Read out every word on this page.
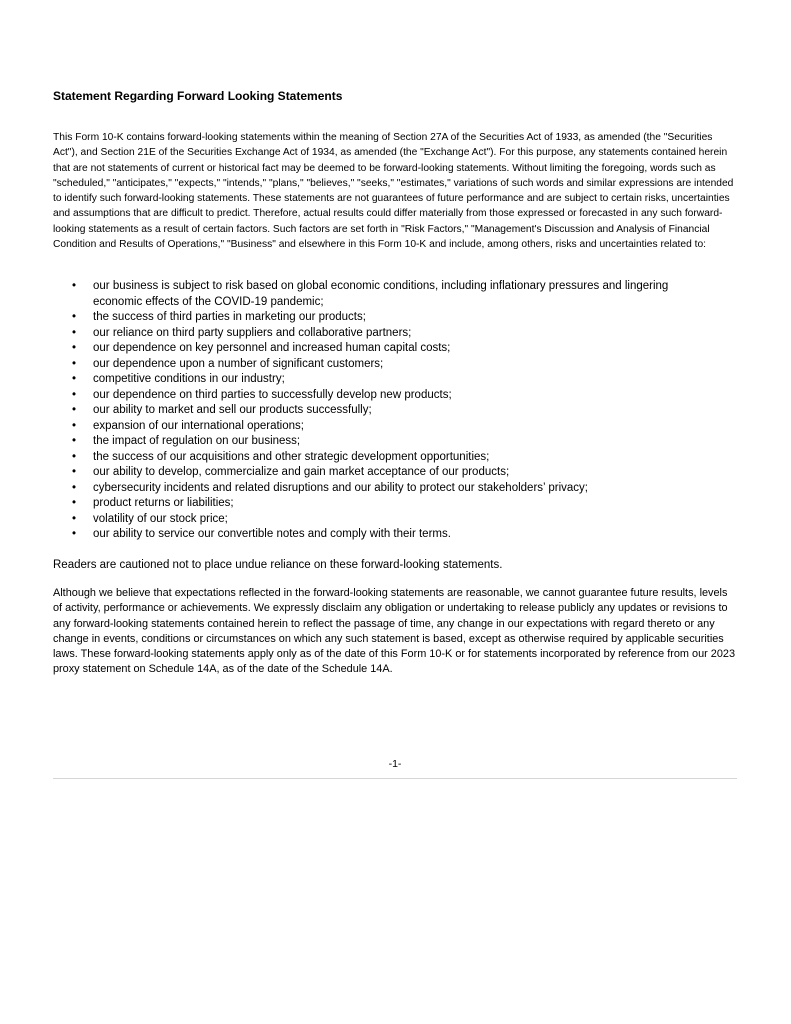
Statement Regarding Forward Looking Statements

This Form 10-K contains forward-looking statements within the meaning of Section 27A of the Securities Act of 1933, as amended (the "Securities Act"), and Section 21E of the Securities Exchange Act of 1934, as amended (the "Exchange Act"). For this purpose, any statements contained herein that are not statements of current or historical fact may be deemed to be forward-looking statements. Without limiting the foregoing, words such as "scheduled," "anticipates," "expects," "intends," "plans," "believes," "seeks," "estimates," variations of such words and similar expressions are intended to identify such forward-looking statements. These statements are not guarantees of future performance and are subject to certain risks, uncertainties and assumptions that are difficult to predict. Therefore, actual results could differ materially from those expressed or forecasted in any such forward-looking statements as a result of certain factors. Such factors are set forth in "Risk Factors," "Management's Discussion and Analysis of Financial Condition and Results of Operations," "Business" and elsewhere in this Form 10-K and include, among others, risks and uncertainties related to:

• our business is subject to risk based on global economic conditions, including inflationary pressures and lingering economic effects of the COVID-19 pandemic;
• the success of third parties in marketing our products;
• our reliance on third party suppliers and collaborative partners;
• our dependence on key personnel and increased human capital costs;
• our dependence upon a number of significant customers;
• competitive conditions in our industry;
• our dependence on third parties to successfully develop new products;
• our ability to market and sell our products successfully;
• expansion of our international operations;
• the impact of regulation on our business;
• the success of our acquisitions and other strategic development opportunities;
• our ability to develop, commercialize and gain market acceptance of our products;
• cybersecurity incidents and related disruptions and our ability to protect our stakeholders’ privacy;
• product returns or liabilities;
• volatility of our stock price;
• our ability to service our convertible notes and comply with their terms.

Readers are cautioned not to place undue reliance on these forward-looking statements.

Although we believe that expectations reflected in the forward-looking statements are reasonable, we cannot guarantee future results, levels of activity, performance or achievements. We expressly disclaim any obligation or undertaking to release publicly any updates or revisions to any forward-looking statements contained herein to reflect the passage of time, any change in our expectations with regard thereto or any change in events, conditions or circumstances on which any such statement is based, except as otherwise required by applicable securities laws. These forward-looking statements apply only as of the date of this Form 10-K or for statements incorporated by reference from our 2023 proxy statement on Schedule 14A, as of the date of the Schedule 14A.

-1-
